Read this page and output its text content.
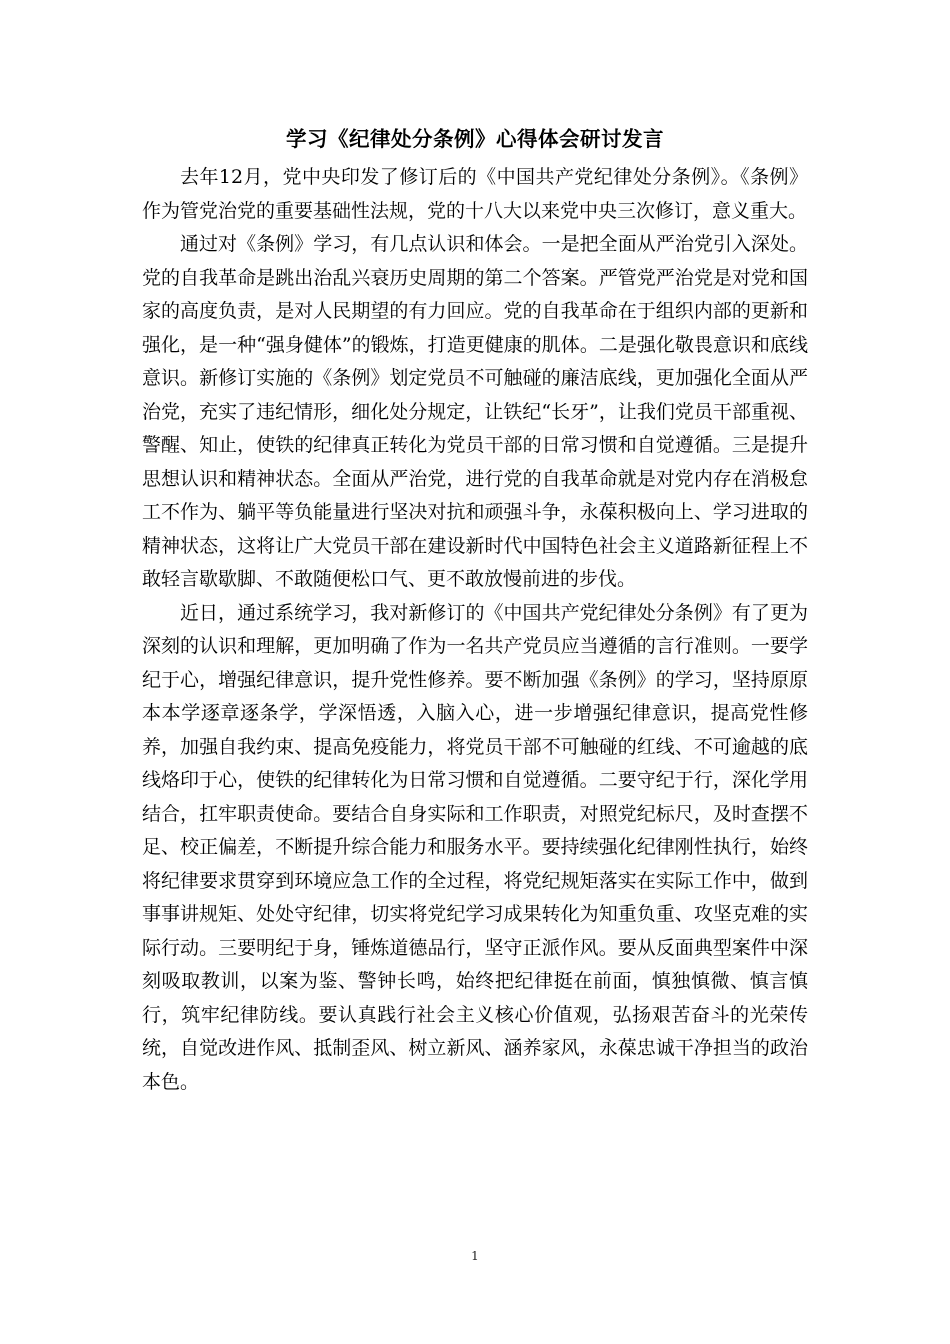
学习《纪律处分条例》心得体会研讨发言

去年12月，党中央印发了修订后的《中国共产党纪律处分条例》。《条例》作为管党治党的重要基础性法规，党的十八大以来党中央三次修订，意义重大。

通过对《条例》学习，有几点认识和体会。一是把全面从严治党引入深处。党的自我革命是跳出治乱兴衰历史周期的第二个答案。严管党严治党是对党和国家的高度负责，是对人民期望的有力回应。党的自我革命在于组织内部的更新和强化，是一种“强身健体”的锻炼，打造更健康的肌体。二是强化敬畏意识和底线意识。新修订实施的《条例》划定党员不可触碰的廉洁底线，更加强化全面从严治党，充实了违纪情形，细化处分规定，让铁纪“长牙”，让我们党员干部重视、警醒、知止，使铁的纪律真正转化为党员干部的日常习惯和自觉遵循。三是提升思想认识和精神状态。全面从严治党，进行党的自我革命就是对党内存在消极怠工不作为、躺平等负能量进行坚决对抗和顽强斗争，永葆积极向上、学习进取的精神状态，这将让广大党员干部在建设新时代中国特色社会主义道路新征程上不敢轻言歇歇脚、不敢随便松口气、更不敢放慢前进的步伐。

近日，通过系统学习，我对新修订的《中国共产党纪律处分条例》有了更为深刻的认识和理解，更加明确了作为一名共产党员应当遵循的言行准则。一要学纪于心，增强纪律意识，提升党性修养。要不断加强《条例》的学习，坚持原原本本学逐章逐条学，学深悟透，入脑入心，进一步增强纪律意识，提高党性修养，加强自我约束、提高免疫能力，将党员干部不可触碰的红线、不可逾越的底线烙印于心，使铁的纪律转化为日常习惯和自觉遵循。二要守纪于行，深化学用结合，扛牢职责使命。要结合自身实际和工作职责，对照党纪标尺，及时查摆不足、校正偏差，不断提升综合能力和服务水平。要持续强化纪律刚性执行，始终将纪律要求贯穿到环境应急工作的全过程，将党纪规矩落实在实际工作中，做到事事讲规矩、处处守纪律，切实将党纪学习成果转化为知重负重、攻坚克难的实际行动。三要明纪于身，锤炼道德品行，坚守正派作风。要从反面典型案件中深刻吸取教训，以案为鉴、警钟长鸣，始终把纪律挺在前面，慎独慎微、慎言慎行，筑牢纪律防线。要认真践行社会主义核心价值观，弘扬艰苦奋斗的光荣传统，自觉改进作风、抵制歪风、树立新风、涵养家风，永葆忠诚干净担当的政治本色。

1
